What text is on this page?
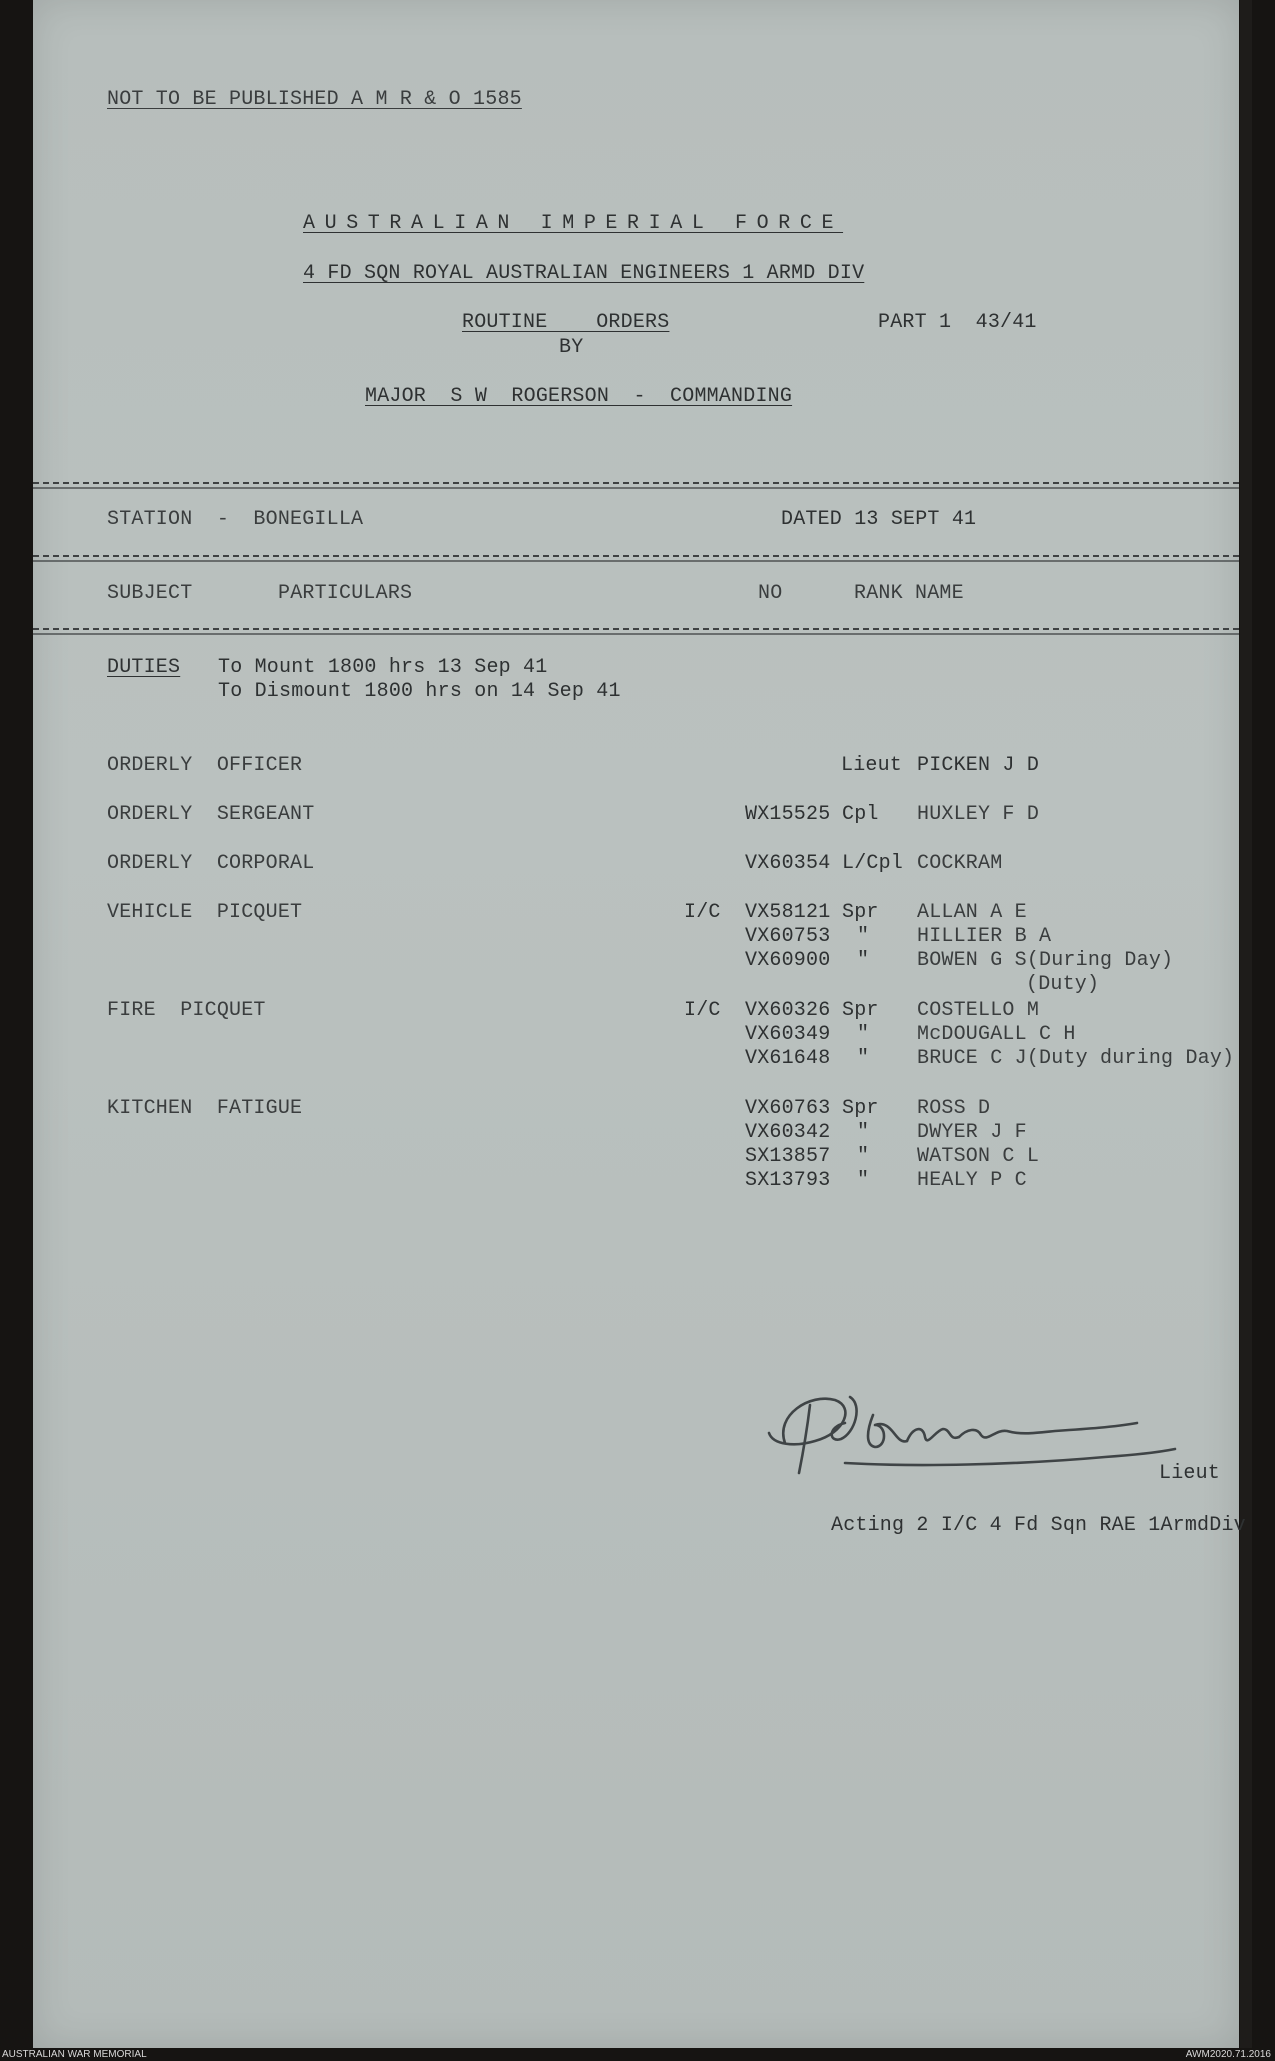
NOT TO BE PUBLISHED A M R & O 1585
AUSTRALIAN IMPERIAL FORCE
4 FD SQN ROYAL AUSTRALIAN ENGINEERS 1 ARMD DIV
ROUTINE    ORDERS	PART 1  43/41
BY
MAJOR  S W  ROGERSON  -  COMMANDING
STATION  -  BONEGILLA	DATED 13 SEPT 41
SUBJECT	PARTICULARS	NO	RANK NAME
DUTIES To Mount 1800 hrs 13 Sep 41
To Dismount 1800 hrs on 14 Sep 41
ORDERLY  OFFICER	Lieut PICKEN J D
ORDERLY  SERGEANT	WX15525 Cpl HUXLEY F D
ORDERLY  CORPORAL	VX60354 L/Cpl COCKRAM
VEHICLE  PICQUET	I/C VX58121 Spr ALLAN A E
VX60753 " HILLIER B A
VX60900 " BOWEN G S(During Day)
(Duty)
FIRE  PICQUET	I/C VX60326 Spr COSTELLO M
VX60349 " McDOUGALL C H
VX61648 " BRUCE C J(Duty during Day)
KITCHEN  FATIGUE	VX60763 Spr ROSS D
VX60342 " DWYER J F
SX13857 " WATSON C L
SX13793 " HEALY P C
Lieut
Acting 2 I/C 4 Fd Sqn RAE 1ArmdDiv
AUSTRALIAN WAR MEMORIAL	AWM2020.71.2016
